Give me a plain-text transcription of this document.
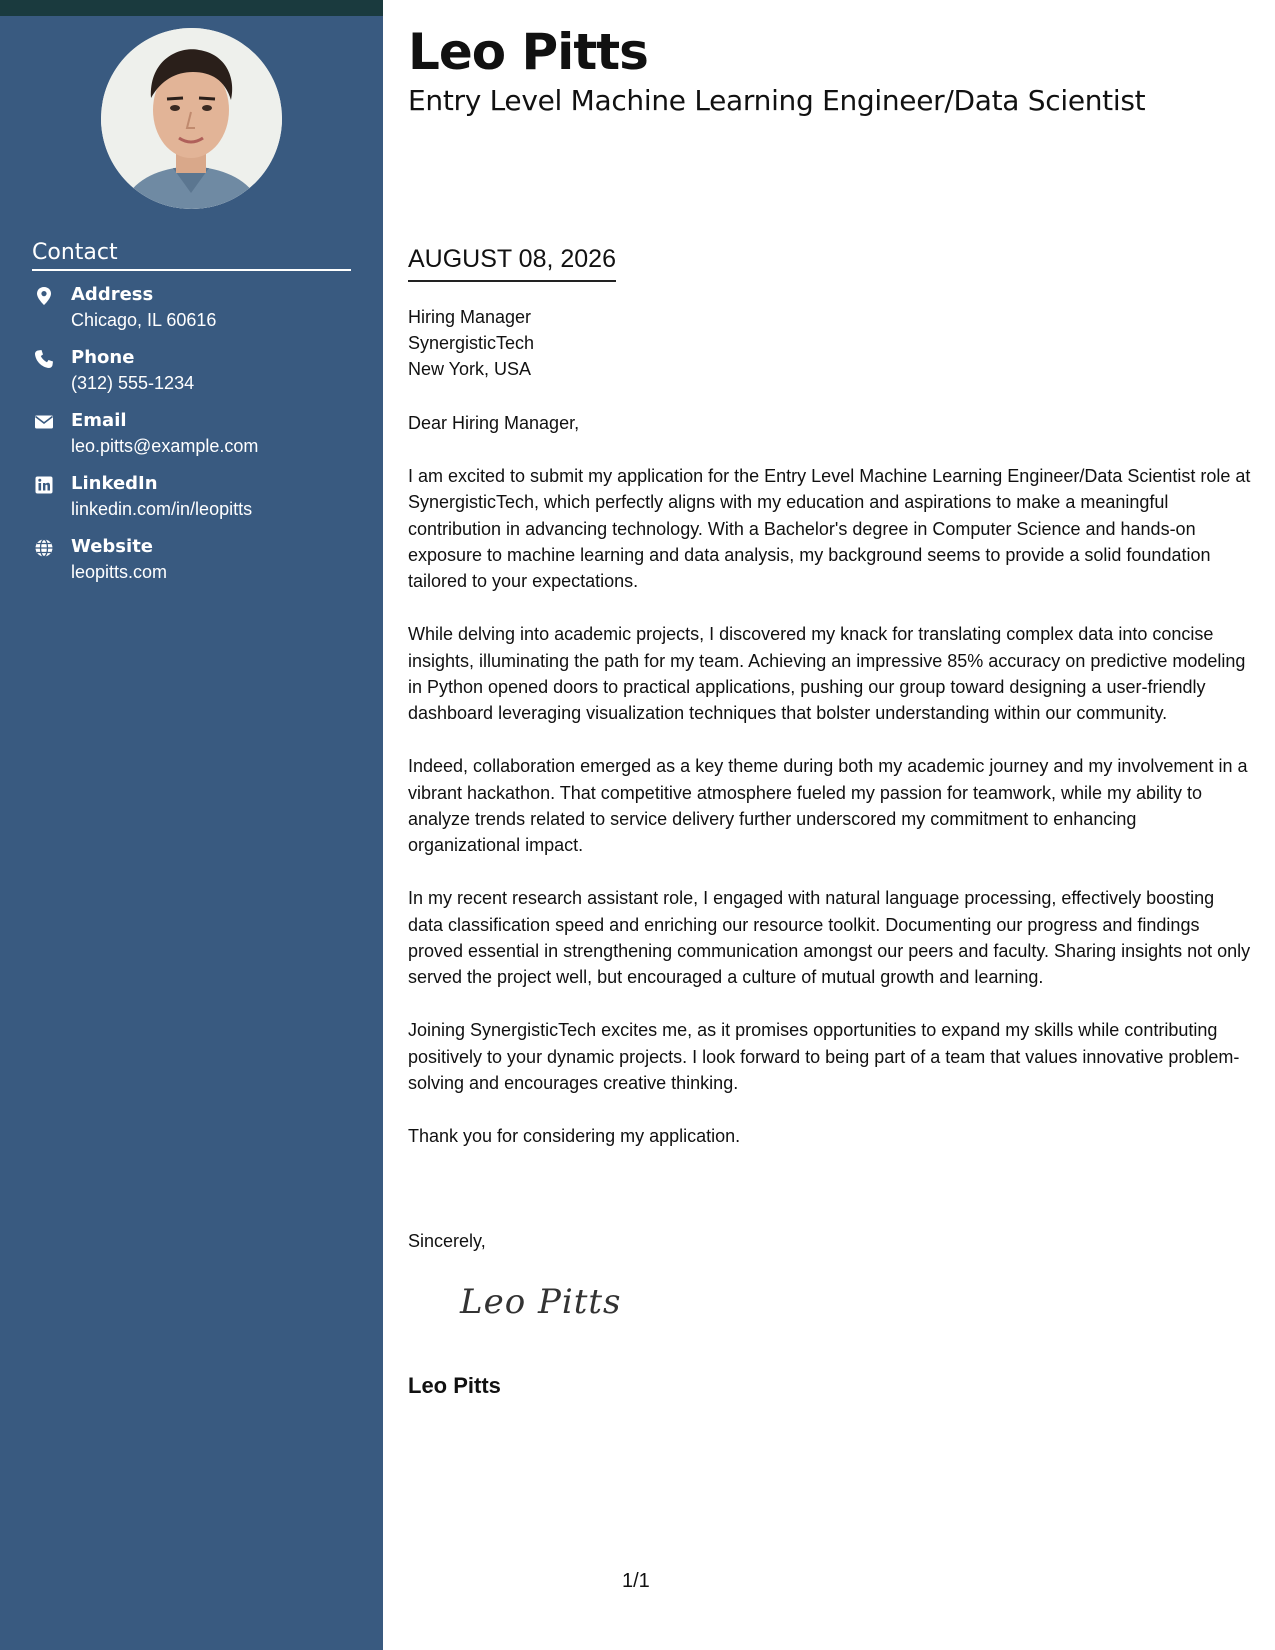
Contact
Address
Chicago, IL 60616
Phone
(312) 555-1234
Email
leo.pitts@example.com
LinkedIn
linkedin.com/in/leopitts
Website
leopitts.com
Leo Pitts
Entry Level Machine Learning Engineer/Data Scientist
AUGUST 08, 2026
Hiring Manager
SynergisticTech
New York, USA

Dear Hiring Manager,

I am excited to submit my application for the Entry Level Machine Learning Engineer/Data Scientist role at SynergisticTech, which perfectly aligns with my education and aspirations to make a meaningful contribution in advancing technology. With a Bachelor's degree in Computer Science and hands-on exposure to machine learning and data analysis, my background seems to provide a solid foundation tailored to your expectations.

While delving into academic projects, I discovered my knack for translating complex data into concise insights, illuminating the path for my team. Achieving an impressive 85% accuracy on predictive modeling in Python opened doors to practical applications, pushing our group toward designing a user-friendly dashboard leveraging visualization techniques that bolster understanding within our community.

Indeed, collaboration emerged as a key theme during both my academic journey and my involvement in a vibrant hackathon. That competitive atmosphere fueled my passion for teamwork, while my ability to analyze trends related to service delivery further underscored my commitment to enhancing organizational impact.

In my recent research assistant role, I engaged with natural language processing, effectively boosting data classification speed and enriching our resource toolkit. Documenting our progress and findings proved essential in strengthening communication amongst our peers and faculty. Sharing insights not only served the project well, but encouraged a culture of mutual growth and learning.

Joining SynergisticTech excites me, as it promises opportunities to expand my skills while contributing positively to your dynamic projects. I look forward to being part of a team that values innovative problem-solving and encourages creative thinking.

Thank you for considering my application.

Sincerely,
Leo Pitts
Leo Pitts
1/1
